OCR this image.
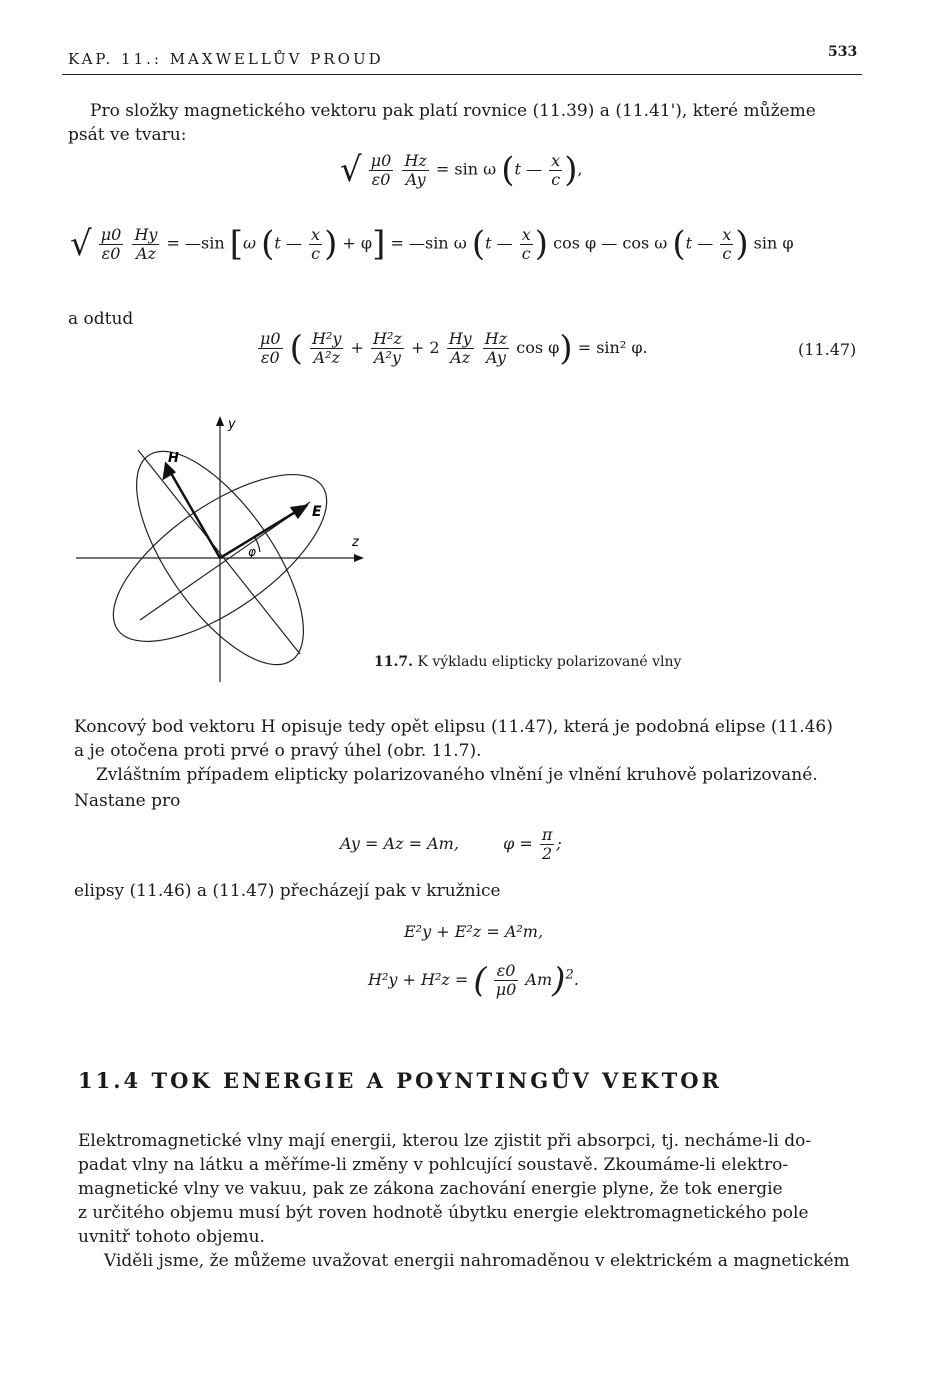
KAP. 11.: MAXWELLŮV PROUD	533
Pro složky magnetického vektoru pak platí rovnice (11.39) a (11.41'), které můžeme
psát ve tvaru:
√ $\frac{\mu 0}{\varepsilon 0}$
$\frac{Hz}{Ay} = \sin \omega$ (t — $\frac{x}{c}$ ),
√ $\frac{\mu 0}{\varepsilon 0}$
$\frac{Hy}{Az}$ = —sin [ω (t — $\frac{x}{c}$ ) + φ] = —sin ω (t — $\frac{x}{c}$ ) cos φ — cos ω (t — $\frac{x}{c}$ ) sin φ
a odtud
$\frac{\mu 0}{\varepsilon 0}$ ( $\frac{\text{H²y}}{\text{A²z}} + \frac{\text{H²z}}{\text{A²y}} + 2 \frac{Hy}{Az}$
$\frac{Hz}{Ay}$ cos φ) = sin² φ.	(11.47)
y
z
H
E
φ
11.7. K výkladu elipticky polarizované vlny
Koncový bod vektoru H opisuje tedy opět elipsu (11.47), která je podobná elipse (11.46)
a je otočena proti prvé o pravý úhel (obr. 11.7).
Zvláštním případem elipticky polarizovaného vlnění je vlnění kruhově polarizované.
Nastane pro
Ay = Az = Am,	$\varphi = \frac{\pi}{2}$ ;
elipsy (11.46) a (11.47) přecházejí pak v kružnice
E²y + E²z = A²m,
H²y + H²z = ( $\frac{\varepsilon 0}{\mu 0} Am)^2$.
11.4 TOK ENERGIE A POYNTINGŮV VEKTOR
Elektromagnetické vlny mají energii, kterou lze zjistit při absorpci, tj. necháme-li do-
padat vlny na látku a měříme-li změny v pohlcující soustavě. Zkoumáme-li elektro-
magnetické vlny ve vakuu, pak ze zákona zachování energie plyne, že tok energie
z určitého objemu musí být roven hodnotě úbytku energie elektromagnetického pole
uvnitř tohoto objemu.
Viděli jsme, že můžeme uvažovat energii nahromaděnou v elektrickém a magnetickém
